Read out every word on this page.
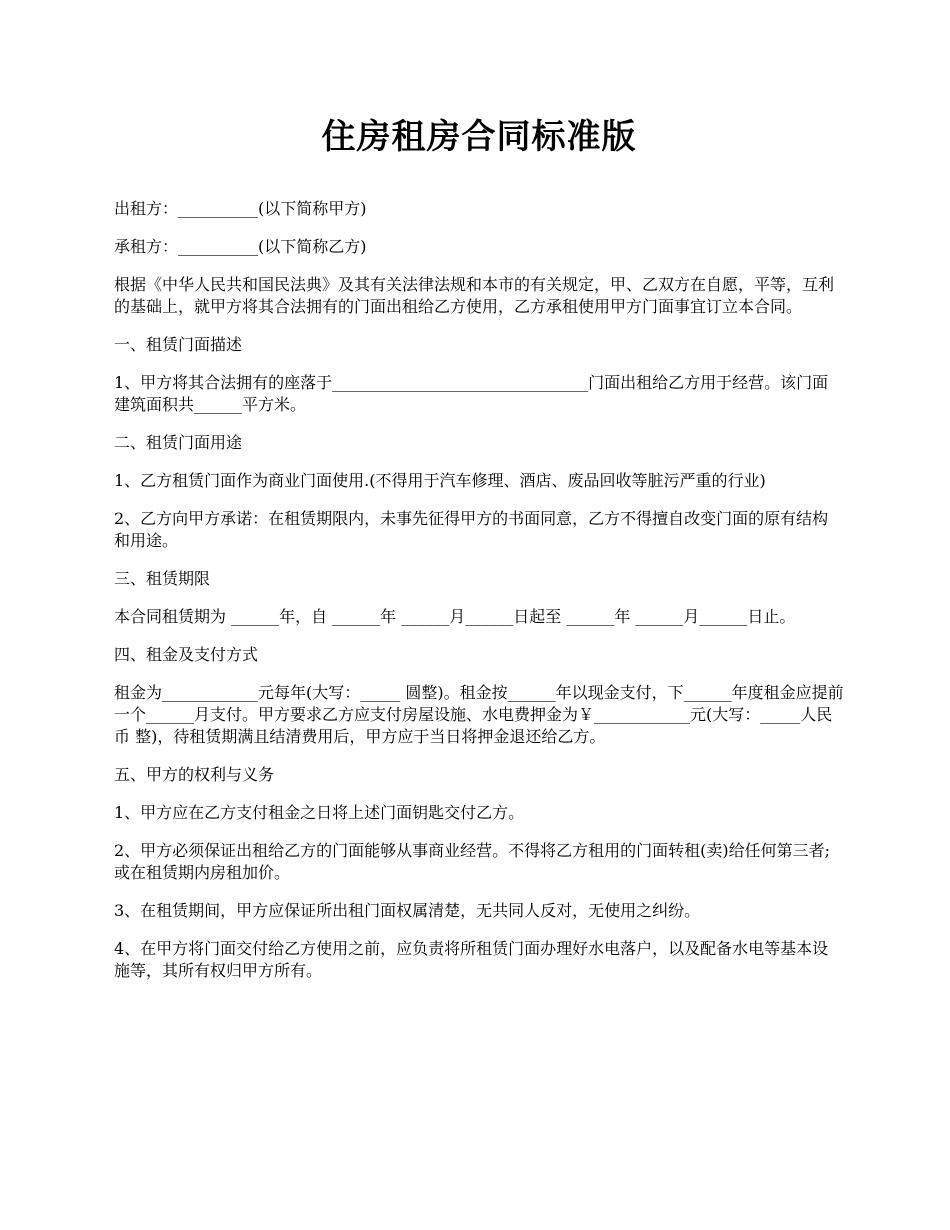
住房租房合同标准版

出租方：__________(以下简称甲方)

承租方：__________(以下简称乙方)

根据《中华人民共和国民法典》及其有关法律法规和本市的有关规定，甲、乙双方在自愿，平等，互利的基础上，就甲方将其合法拥有的门面出租给乙方使用，乙方承租使用甲方门面事宜订立本合同。

一、租赁门面描述

1、甲方将其合法拥有的座落于________________________________门面出租给乙方用于经营。该门面建筑面积共______平方米。

二、租赁门面用途

1、乙方租赁门面作为商业门面使用.(不得用于汽车修理、酒店、废品回收等脏污严重的行业)

2、乙方向甲方承诺：在租赁期限内，未事先征得甲方的书面同意，乙方不得擅自改变门面的原有结构和用途。

三、租赁期限

本合同租赁期为 ______年，自 ______年 ______月______日起至 ______年 ______月______日止。

四、租金及支付方式

租金为____________元每年(大写：_____ 圆整)。租金按______年以现金支付，下______年度租金应提前一个______月支付。甲方要求乙方应支付房屋设施、水电费押金为￥____________元(大写：_____人民币 整)，待租赁期满且结清费用后，甲方应于当日将押金退还给乙方。

五、甲方的权利与义务

1、甲方应在乙方支付租金之日将上述门面钥匙交付乙方。

2、甲方必须保证出租给乙方的门面能够从事商业经营。不得将乙方租用的门面转租(卖)给任何第三者;或在租赁期内房租加价。

3、在租赁期间，甲方应保证所出租门面权属清楚，无共同人反对，无使用之纠纷。

4、在甲方将门面交付给乙方使用之前，应负责将所租赁门面办理好水电落户，以及配备水电等基本设施等，其所有权归甲方所有。
